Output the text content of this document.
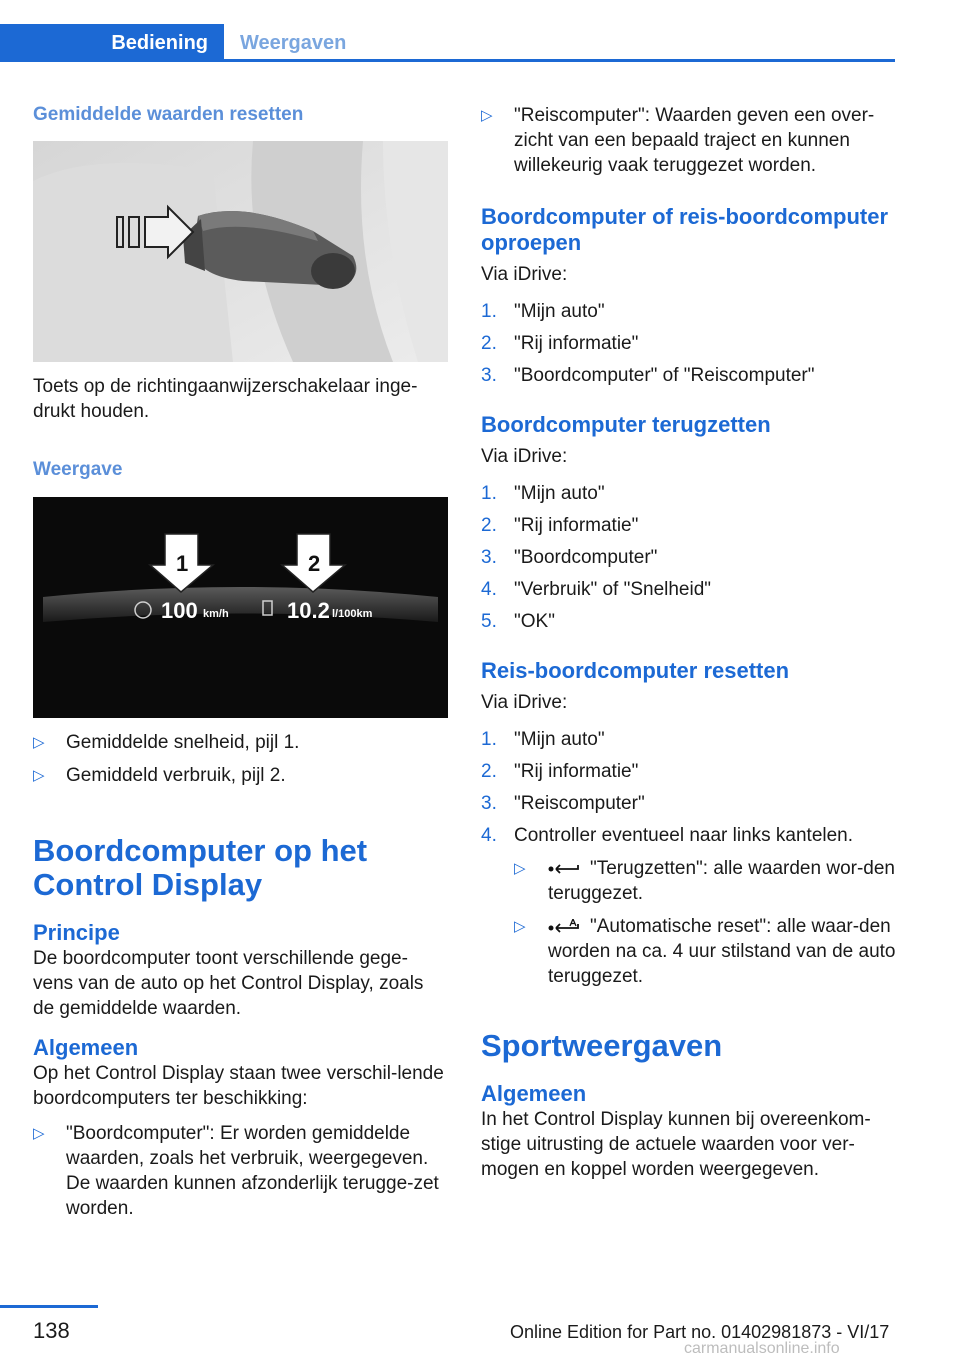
Bediening Weergaven

Gemiddelde waarden resetten

Toets op de richtingaanwijzerschakelaar inge-drukt houden.

Weergave

1	2
100 km/h	10.2 l/100km
▷ Gemiddelde snelheid, pijl 1.
▷ Gemiddeld verbruik, pijl 2.
Boordcomputer op het Control Display
Principe

De boordcomputer toont verschillende gege-vens van de auto op het Control Display, zoals de gemiddelde waarden.

Algemeen

Op het Control Display staan twee verschil-lende boordcomputers ter beschikking:

▷ "Boordcomputer": Er worden gemiddelde waarden, zoals het verbruik, weergegeven. De waarden kunnen afzonderlijk terugge-zet worden.
▷ "Reiscomputer": Waarden geven een over-zicht van een bepaald traject en kunnen willekeurig vaak teruggezet worden.
Boordcomputer of reis-boordcomputer oproepen

Via iDrive:

1. "Mijn auto"
2. "Rij informatie"
3. "Boordcomputer" of "Reiscomputer"
Boordcomputer terugzetten

Via iDrive:

1. "Mijn auto"
2. "Rij informatie"
3. "Boordcomputer"
4. "Verbruik" of "Snelheid"
5. "OK"
Reis-boordcomputer resetten

Via iDrive:

1. "Mijn auto"
2. "Rij informatie"
3. "Reiscomputer"
4. Controller eventueel naar links kantelen.
▷	"Terugzetten": alle waarden wor-den teruggezet.
▷	"Automatische reset": alle waar-den worden na ca. 4 uur stilstand van de auto teruggezet.
Sportweergaven
Algemeen

In het Control Display kunnen bij overeenkom-stige uitrusting de actuele waarden voor ver-mogen en koppel worden weergegeven.

138	Online Edition for Part no. 01402981873 - VI/17
carmanualsonline.info
